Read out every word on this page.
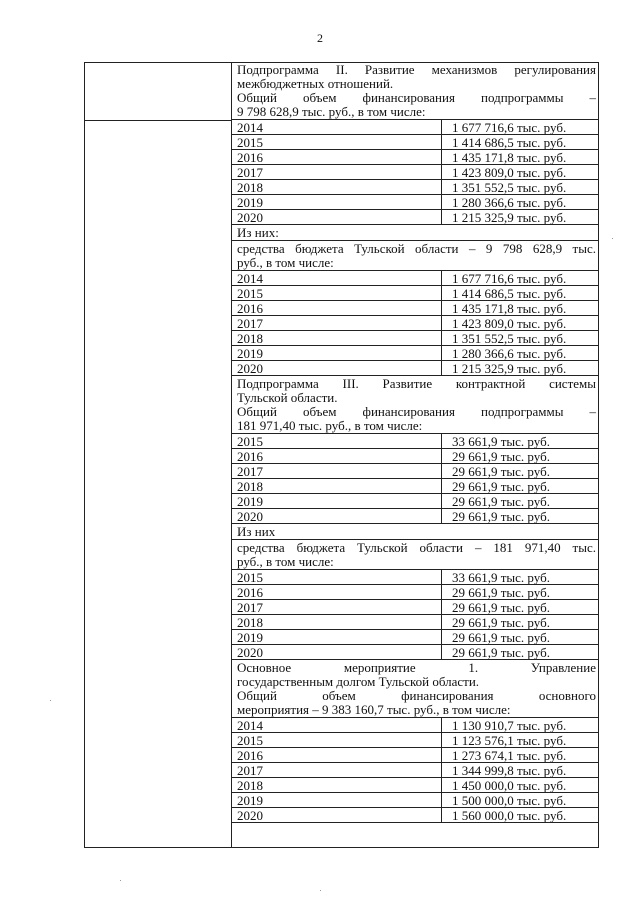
2
Подпрограмма II. Развитие механизмов регулирования
межбюджетных отношений.
Общий объем финансирования подпрограммы –
9 798 628,9 тыс. руб., в том числе:
2014	1 677 716,6 тыс. руб.
2015	1 414 686,5 тыс. руб.
2016	1 435 171,8 тыс. руб.
2017	1 423 809,0 тыс. руб.
2018	1 351 552,5 тыс. руб.
2019	1 280 366,6 тыс. руб.
2020	1 215 325,9 тыс. руб.
Из них:
средства бюджета Тульской области – 9 798 628,9 тыс.
руб., в том числе:
2014	1 677 716,6 тыс. руб.
2015	1 414 686,5 тыс. руб.
2016	1 435 171,8 тыс. руб.
2017	1 423 809,0 тыс. руб.
2018	1 351 552,5 тыс. руб.
2019	1 280 366,6 тыс. руб.
2020	1 215 325,9 тыс. руб.
Подпрограмма III. Развитие контрактной системы
Тульской области.
Общий объем финансирования подпрограммы –
181 971,40 тыс. руб., в том числе:
2015	33 661,9 тыс. руб.
2016	29 661,9 тыс. руб.
2017	29 661,9 тыс. руб.
2018	29 661,9 тыс. руб.
2019	29 661,9 тыс. руб.
2020	29 661,9 тыс. руб.
Из них
средства бюджета Тульской области – 181 971,40 тыс.
руб., в том числе:
2015	33 661,9 тыс. руб.
2016	29 661,9 тыс. руб.
2017	29 661,9 тыс. руб.
2018	29 661,9 тыс. руб.
2019	29 661,9 тыс. руб.
2020	29 661,9 тыс. руб.
Основное мероприятие 1. Управление
государственным долгом Тульской области.
Общий объем финансирования основного
мероприятия – 9 383 160,7 тыс. руб., в том числе:
2014	1 130 910,7 тыс. руб.
2015	1 123 576,1 тыс. руб.
2016	1 273 674,1 тыс. руб.
2017	1 344 999,8 тыс. руб.
2018	1 450 000,0 тыс. руб.
2019	1 500 000,0 тыс. руб.
2020	1 560 000,0 тыс. руб.
